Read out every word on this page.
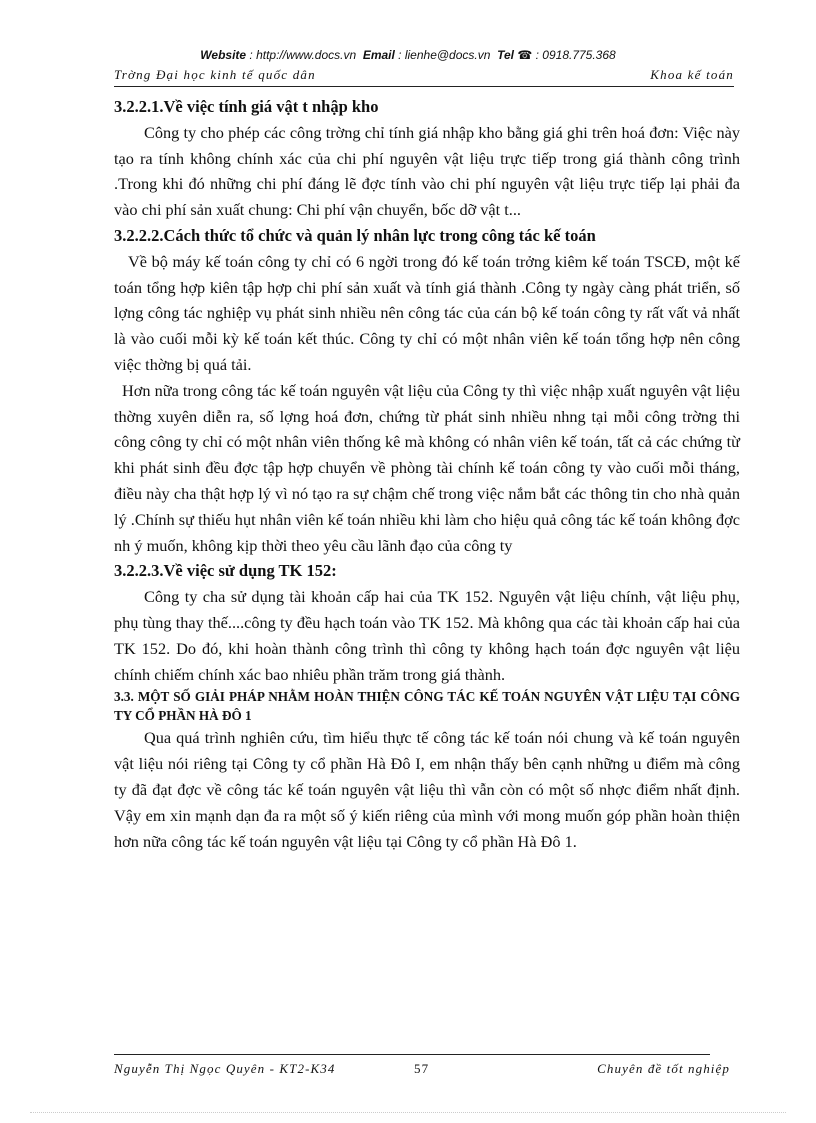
Website : http://www.docs.vn Email : lienhe@docs.vn Tel ☎ : 0918.775.368
Trờng Đại học kinh tế quốc dân	Khoa kế toán

3.2.2.1.Về việc tính giá vật t nhập kho

Công ty cho phép các công trờng chỉ tính giá nhập kho bằng giá ghi trên hoá đơn: Việc này tạo ra tính không chính xác của chi phí nguyên vật liệu trực tiếp trong giá thành công trình .Trong khi đó những chi phí đáng lẽ đợc tính vào chi phí nguyên vật liệu trực tiếp lại phải đa vào chi phí sản xuất chung: Chi phí vận chuyển, bốc dỡ vật t...

3.2.2.2.Cách thức tổ chức và quản lý nhân lực trong công tác kế toán

Về bộ máy kế toán công ty chỉ có 6 ngời trong đó kế toán trởng kiêm kế toán TSCĐ, một kế toán tổng hợp kiên tập hợp chi phí sản xuất và tính giá thành .Công ty ngày càng phát triển, số lợng công tác nghiệp vụ phát sinh nhiều nên công tác của cán bộ kế toán công ty rất vất vả nhất là vào cuối mỗi kỳ kế toán kết thúc. Công ty chỉ có một nhân viên kế toán tổng hợp nên công việc thờng bị quá tải.

Hơn nữa trong công tác kế toán nguyên vật liệu của Công ty thì việc nhập xuất nguyên vật liệu thờng xuyên diễn ra, số lợng hoá đơn, chứng từ phát sinh nhiều nhng tại mỗi công trờng thi công công ty chỉ có một nhân viên thống kê mà không có nhân viên kế toán, tất cả các chứng từ khi phát sinh đều đợc tập hợp chuyển về phòng tài chính kế toán công ty vào cuối mỗi tháng, điều này cha thật hợp lý vì nó tạo ra sự chậm chế trong việc nắm bắt các thông tin cho nhà quản lý .Chính sự thiếu hụt nhân viên kế toán nhiều khi làm cho hiệu quả công tác kế toán không đợc nh ý muốn, không kịp thời theo yêu cầu lãnh đạo của công ty

3.2.2.3.Về việc sử dụng TK 152:

Công ty cha sử dụng tài khoản cấp hai của TK 152. Nguyên vật liệu chính, vật liệu phụ, phụ tùng thay thế....công ty đều hạch toán vào TK 152. Mà không qua các tài khoản cấp hai của TK 152. Do đó, khi hoàn thành công trình thì công ty không hạch toán đợc nguyên vật liệu chính chiếm chính xác bao nhiêu phần trăm trong giá thành.

3.3. MỘT SỐ GIẢI PHÁP NHẰM HOÀN THIỆN CÔNG TÁC KẾ TOÁN NGUYÊN VẬT LIỆU TẠI CÔNG TY CỔ PHẦN HÀ ĐÔ 1

Qua quá trình nghiên cứu, tìm hiểu thực tế công tác kế toán nói chung và kế toán nguyên vật liệu nói riêng tại Công ty cổ phần Hà Đô I, em nhận thấy bên cạnh những u điểm mà công ty đã đạt đợc về công tác kế toán nguyên vật liệu thì vẫn còn có một số nhợc điểm nhất định. Vậy em xin mạnh dạn đa ra một số ý kiến riêng của mình với mong muốn góp phần hoàn thiện hơn nữa công tác kế toán nguyên vật liệu tại Công ty cổ phần Hà Đô 1.

Nguyễn Thị Ngọc Quyên - KT2-K34	57	Chuyên đề tốt nghiệp
